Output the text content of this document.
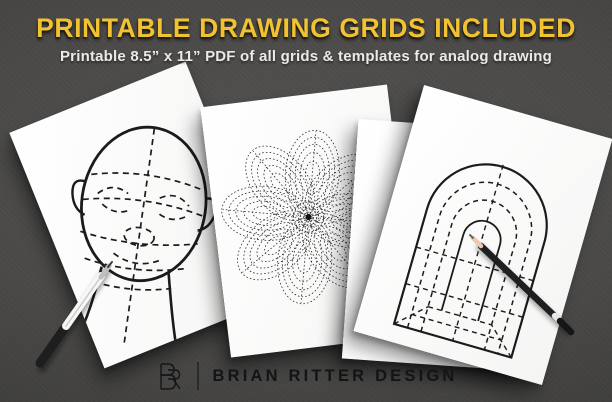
PRINTABLE DRAWING GRIDS INCLUDED

Printable 8.5” x 11” PDF of all grids & templates for analog drawing

BRIAN RITTER DESIGN
